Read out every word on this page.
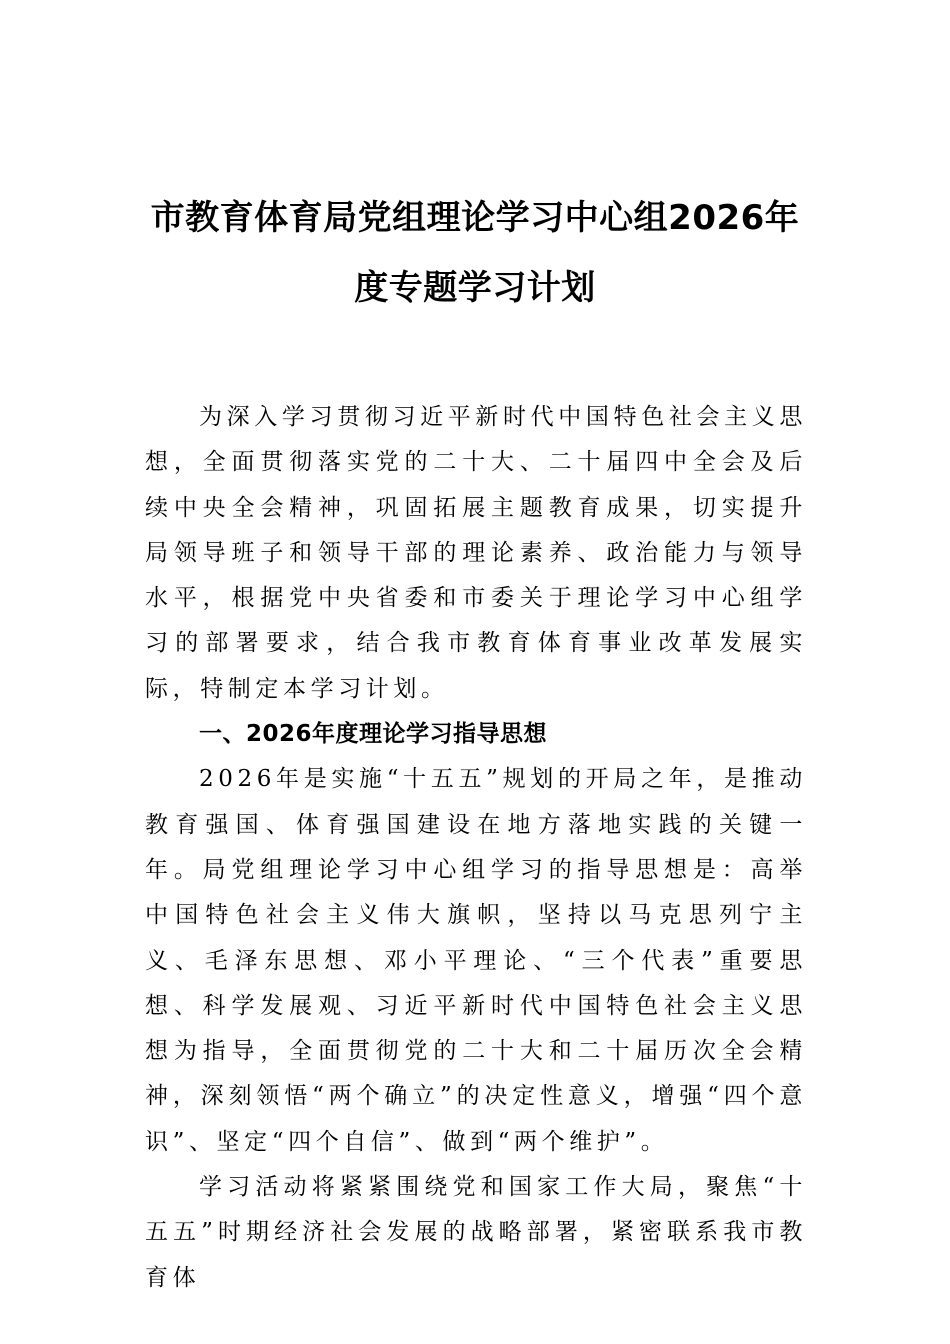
市教育体育局党组理论学习中心组2026年
度专题学习计划

为深入学习贯彻习近平新时代中国特色社会主义思想，全面贯彻落实党的二十大、二十届四中全会及后续中央全会精神，巩固拓展主题教育成果，切实提升局领导班子和领导干部的理论素养、政治能力与领导水平，根据党中央省委和市委关于理论学习中心组学习的部署要求，结合我市教育体育事业改革发展实际，特制定本学习计划。

一、2026年度理论学习指导思想

2026年是实施“十五五”规划的开局之年，是推动教育强国、体育强国建设在地方落地实践的关键一年。局党组理论学习中心组学习的指导思想是：高举中国特色社会主义伟大旗帜，坚持以马克思列宁主义、毛泽东思想、邓小平理论、“三个代表”重要思想、科学发展观、习近平新时代中国特色社会主义思想为指导，全面贯彻党的二十大和二十届历次全会精神，深刻领悟“两个确立”的决定性意义，增强“四个意识”、坚定“四个自信”、做到“两个维护”。

学习活动将紧紧围绕党和国家工作大局，聚焦“十五五”时期经济社会发展的战略部署，紧密联系我市教育体
